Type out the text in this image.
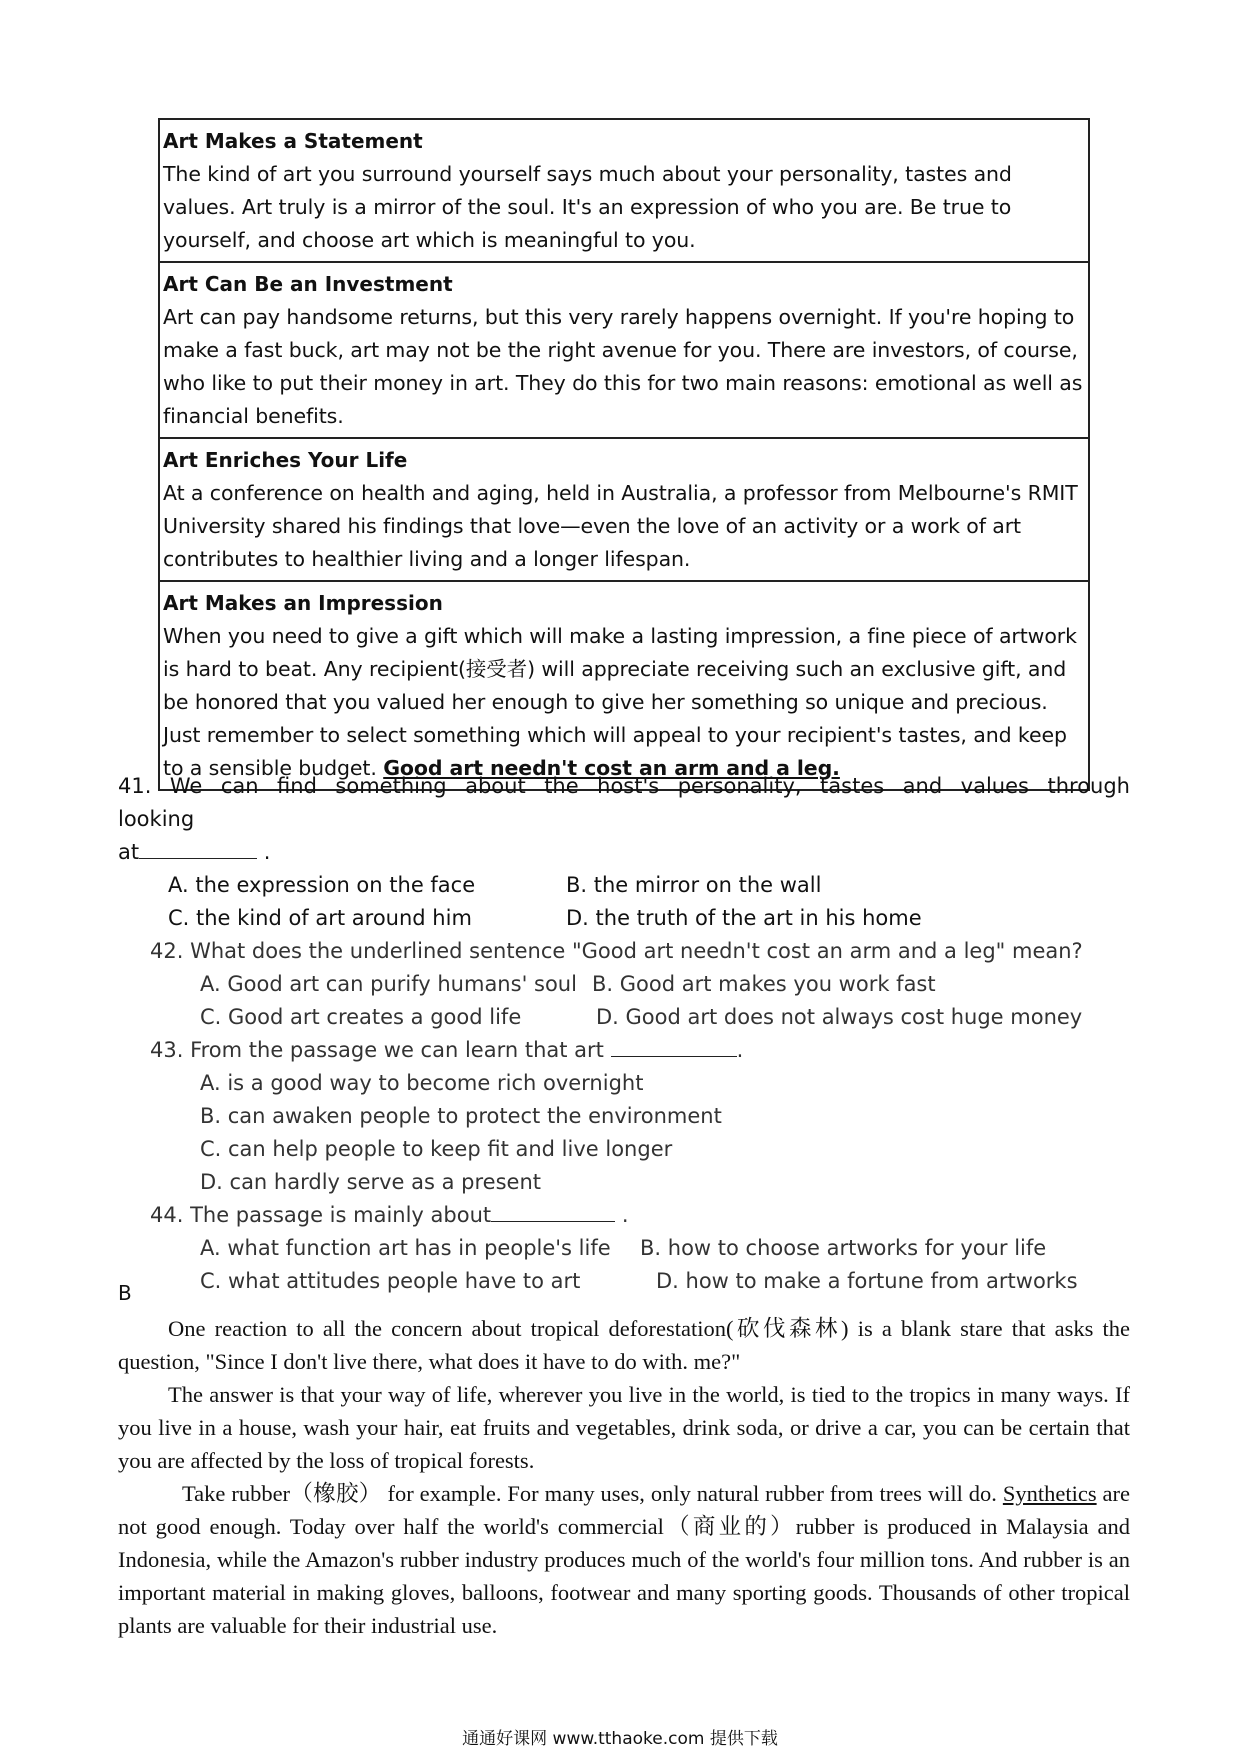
Art Makes a Statement
The kind of art you surround yourself says much about your personality, tastes and values. Art truly is a mirror of the soul. It's an expression of who you are. Be true to yourself, and choose art which is meaningful to you.
Art Can Be an Investment
Art can pay handsome returns, but this very rarely happens overnight. If you're hoping to make a fast buck, art may not be the right avenue for you. There are investors, of course, who like to put their money in art. They do this for two main reasons: emotional as well as financial benefits.
Art Enriches Your Life
At a conference on health and aging, held in Australia, a professor from Melbourne's RMIT University shared his findings that love—even the love of an activity or a work of art contributes to healthier living and a longer lifespan.
Art Makes an Impression
When you need to give a gift which will make a lasting impression, a fine piece of artwork is hard to beat. Any recipient(接受者) will appreciate receiving such an exclusive gift, and be honored that you valued her enough to give her something so unique and precious. Just remember to select something which will appeal to your recipient's tastes, and keep to a sensible budget. Good art needn't cost an arm and a leg.
41. We can find something about the host's personality, tastes and values through looking
at	.
A. the expression on the face	B. the mirror on the wall
C. the kind of art around him	D. the truth of the art in his home
42. What does the underlined sentence "Good art needn't cost an arm and a leg" mean?
A. Good art can purify humans' soul B. Good art makes you work fast
C. Good art creates a good life	D. Good art does not always cost huge money
43. From the passage we can learn that art	.
A. is a good way to become rich overnight
B. can awaken people to protect the environment
C. can help people to keep fit and live longer
D. can hardly serve as a present
44. The passage is mainly about	.
A. what function art has in people's life	B. how to choose artworks for your life
C. what attitudes people have to art	D. how to make a fortune from artworks
B

One reaction to all the concern about tropical deforestation(砍伐森林) is a blank stare that asks the question, "Since I don't live there, what does it have to do with. me?"

The answer is that your way of life, wherever you live in the world, is tied to the tropics in many ways. If you live in a house, wash your hair, eat fruits and vegetables, drink soda, or drive a car, you can be certain that you are affected by the loss of tropical forests.

Take rubber（橡胶） for example. For many uses, only natural rubber from trees will do. Synthetics are not good enough. Today over half the world's commercial（商业的）rubber is produced in Malaysia and Indonesia, while the Amazon's rubber industry produces much of the world's four million tons. And rubber is an important material in making gloves, balloons, footwear and many sporting goods. Thousands of other tropical plants are valuable for their industrial use.

通通好课网 www.tthaoke.com 提供下载
